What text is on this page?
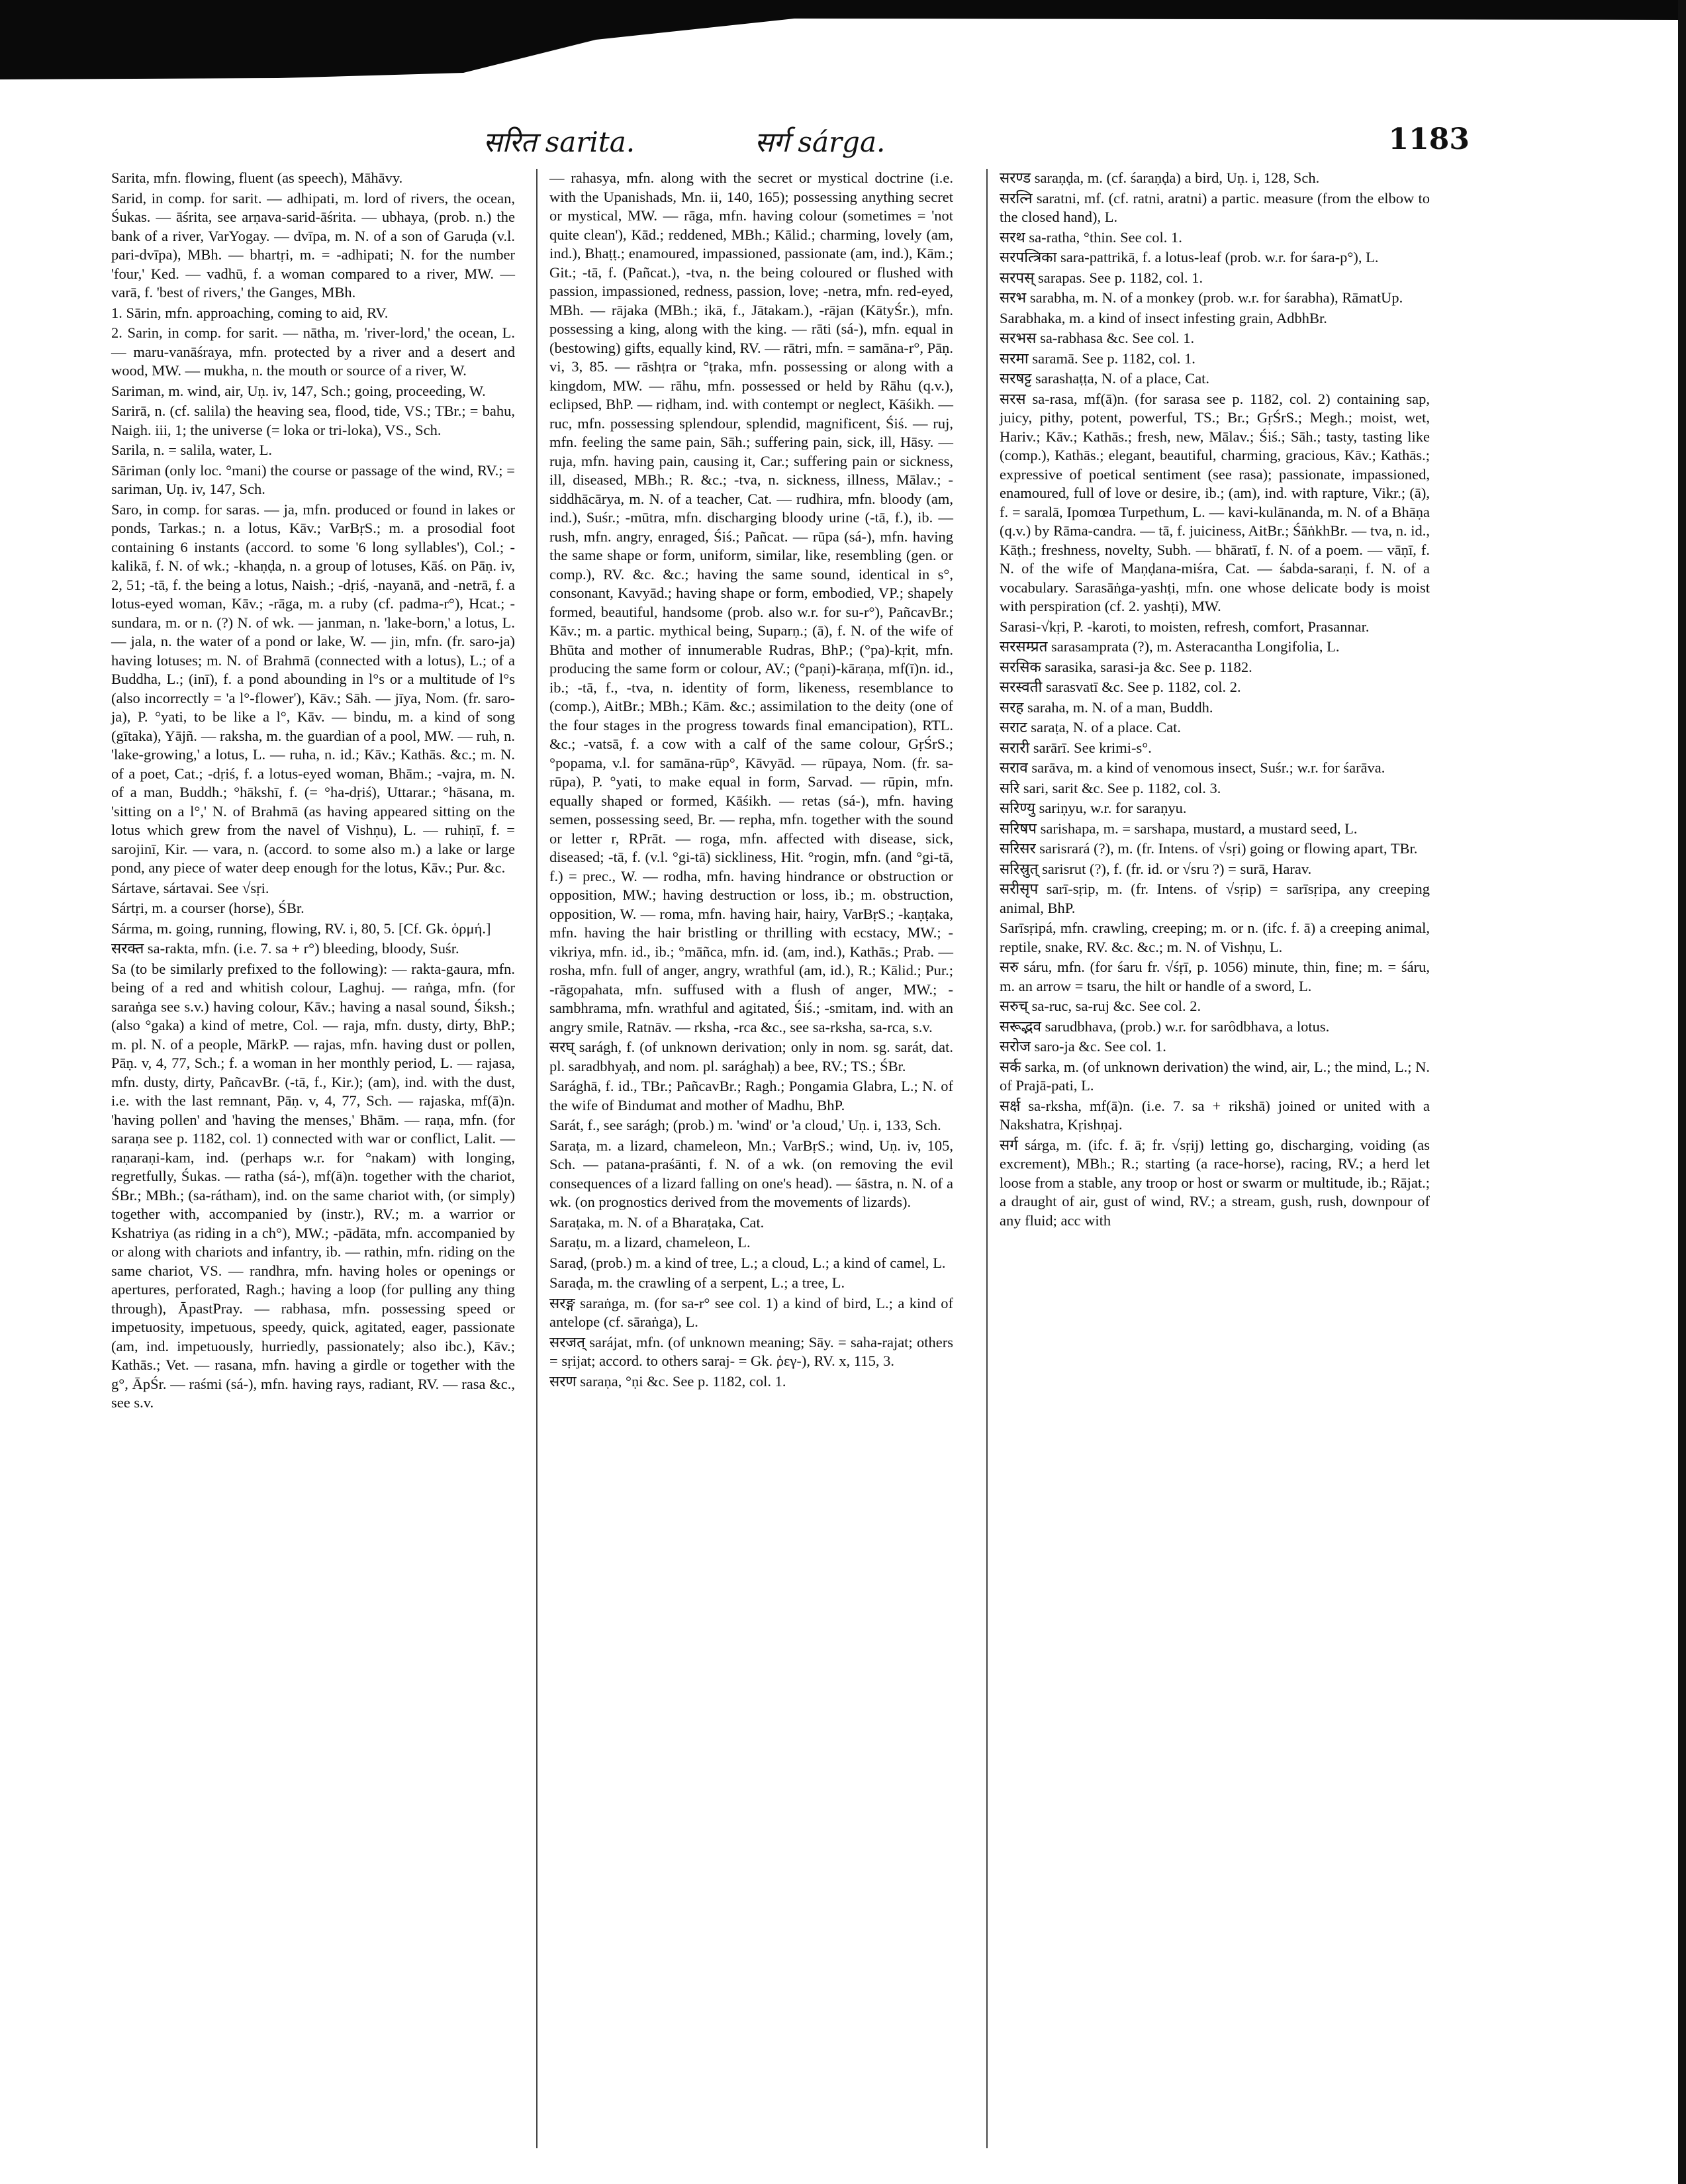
सरित sarita.	सर्ग sárga.	1183

Sarita, mfn. flowing, fluent (as speech), Māhāvy.

Sarid, in comp. for sarit. — adhipati, m. lord of rivers, the ocean, Śukas. — āśrita, see arṇava-sarid-āśrita. — ubhaya, (prob. n.) the bank of a river, VarYogay. — dvīpa, m. N. of a son of Garuḍa (v.l. pari-dvīpa), MBh. — bhartṛi, m. = -adhipati; N. for the number 'four,' Ked. — vadhū, f. a woman compared to a river, MW. — varā, f. 'best of rivers,' the Ganges, MBh.

1. Sārin, mfn. approaching, coming to aid, RV.

2. Sarin, in comp. for sarit. — nātha, m. 'river-lord,' the ocean, L. — maru-vanāśraya, mfn. protected by a river and a desert and wood, MW. — mukha, n. the mouth or source of a river, W.

Sariman, m. wind, air, Uṇ. iv, 147, Sch.; going, proceeding, W.

Sarirā, n. (cf. salila) the heaving sea, flood, tide, VS.; TBr.; = bahu, Naigh. iii, 1; the universe (= loka or tri-loka), VS., Sch.

Sarila, n. = salila, water, L.

Sāriman (only loc. °mani) the course or passage of the wind, RV.; = sariman, Uṇ. iv, 147, Sch.

Saro, in comp. for saras. — ja, mfn. produced or found in lakes or ponds, Tarkas.; n. a lotus, Kāv.; VarBṛS.; m. a prosodial foot containing 6 instants (accord. to some '6 long syllables'), Col.; -kalikā, f. N. of wk.; -khaṇḍa, n. a group of lotuses, Kāś. on Pāṇ. iv, 2, 51; -tā, f. the being a lotus, Naish.; -dṛiś, -nayanā, and -netrā, f. a lotus-eyed woman, Kāv.; -rāga, m. a ruby (cf. padma-r°), Hcat.; -sundara, m. or n. (?) N. of wk. — janman, n. 'lake-born,' a lotus, L. — jala, n. the water of a pond or lake, W. — jin, mfn. (fr. saro-ja) having lotuses; m. N. of Brahmā (connected with a lotus), L.; of a Buddha, L.; (inī), f. a pond abounding in l°s or a multitude of l°s (also incorrectly = 'a l°-flower'), Kāv.; Sāh. — jīya, Nom. (fr. saro-ja), P. °yati, to be like a l°, Kāv. — bindu, m. a kind of song (gītaka), Yājñ. — raksha, m. the guardian of a pool, MW. — ruh, n. 'lake-growing,' a lotus, L. — ruha, n. id.; Kāv.; Kathās. &c.; m. N. of a poet, Cat.; -dṛiś, f. a lotus-eyed woman, Bhām.; -vajra, m. N. of a man, Buddh.; °hākshī, f. (= °ha-dṛiś), Uttarar.; °hāsana, m. 'sitting on a l°,' N. of Brahmā (as having appeared sitting on the lotus which grew from the navel of Vishṇu), L. — ruhiṇī, f. = sarojinī, Kir. — vara, n. (accord. to some also m.) a lake or large pond, any piece of water deep enough for the lotus, Kāv.; Pur. &c.

Sártave, sártavai. See √sṛi.

Sártṛi, m. a courser (horse), ŚBr.

Sárma, m. going, running, flowing, RV. i, 80, 5. [Cf. Gk. ὁρμή.]

सरक्त sa-rakta, mfn. (i.e. 7. sa + r°) bleeding, bloody, Suśr.

Sa (to be similarly prefixed to the following): — rakta-gaura, mfn. being of a red and whitish colour, Laghuj. — raṅga, mfn. (for saraṅga see s.v.) having colour, Kāv.; having a nasal sound, Śiksh.; (also °gaka) a kind of metre, Col. — raja, mfn. dusty, dirty, BhP.; m. pl. N. of a people, MārkP. — rajas, mfn. having dust or pollen, Pāṇ. v, 4, 77, Sch.; f. a woman in her monthly period, L. — rajasa, mfn. dusty, dirty, PañcavBr. (-tā, f., Kir.); (am), ind. with the dust, i.e. with the last remnant, Pāṇ. v, 4, 77, Sch. — rajaska, mf(ā)n. 'having pollen' and 'having the menses,' Bhām. — raṇa, mfn. (for saraṇa see p. 1182, col. 1) connected with war or conflict, Lalit. — raṇaraṇi-kam, ind. (perhaps w.r. for °nakam) with longing, regretfully, Śukas. — ratha (sá-), mf(ā)n. together with the chariot, ŚBr.; MBh.; (sa-rátham), ind. on the same chariot with, (or simply) together with, accompanied by (instr.), RV.; m. a warrior or Kshatriya (as riding in a ch°), MW.; -pādāta, mfn. accompanied by or along with chariots and infantry, ib. — rathin, mfn. riding on the same chariot, VS. — randhra, mfn. having holes or openings or apertures, perforated, Ragh.; having a loop (for pulling any thing through), ĀpastPray. — rabhasa, mfn. possessing speed or impetuosity, impetuous, speedy, quick, agitated, eager, passionate (am, ind. impetuously, hurriedly, passionately; also ibc.), Kāv.; Kathās.; Vet. — rasana, mfn. having a girdle or together with the g°, ĀpŚr. — raśmi (sá-), mfn. having rays, radiant, RV. — rasa &c., see s.v.

— rahasya, mfn. along with the secret or mystical doctrine (i.e. with the Upanishads, Mn. ii, 140, 165); possessing anything secret or mystical, MW. — rāga, mfn. having colour (sometimes = 'not quite clean'), Kād.; reddened, MBh.; Kālid.; charming, lovely (am, ind.), Bhaṭṭ.; enamoured, impassioned, passionate (am, ind.), Kām.; Git.; -tā, f. (Pañcat.), -tva, n. the being coloured or flushed with passion, impassioned, redness, passion, love; -netra, mfn. red-eyed, MBh. — rājaka (MBh.; ikā, f., Jātakam.), -rājan (KātyŚr.), mfn. possessing a king, along with the king. — rāti (sá-), mfn. equal in (bestowing) gifts, equally kind, RV. — rātri, mfn. = samāna-r°, Pāṇ. vi, 3, 85. — rāshṭra or °ṭraka, mfn. possessing or along with a kingdom, MW. — rāhu, mfn. possessed or held by Rāhu (q.v.), eclipsed, BhP. — riḍham, ind. with contempt or neglect, Kāśikh. — ruc, mfn. possessing splendour, splendid, magnificent, Śiś. — ruj, mfn. feeling the same pain, Sāh.; suffering pain, sick, ill, Hāsy. — ruja, mfn. having pain, causing it, Car.; suffering pain or sickness, ill, diseased, MBh.; R. &c.; -tva, n. sickness, illness, Mālav.; -siddhācārya, m. N. of a teacher, Cat. — rudhira, mfn. bloody (am, ind.), Suśr.; -mūtra, mfn. discharging bloody urine (-tā, f.), ib. — rush, mfn. angry, enraged, Śiś.; Pañcat. — rūpa (sá-), mfn. having the same shape or form, uniform, similar, like, resembling (gen. or comp.), RV. &c. &c.; having the same sound, identical in s°, consonant, Kavyād.; having shape or form, embodied, VP.; shapely formed, beautiful, handsome (prob. also w.r. for su-r°), PañcavBr.; Kāv.; m. a partic. mythical being, Suparṇ.; (ā), f. N. of the wife of Bhūta and mother of innumerable Rudras, BhP.; (°pa)-kṛit, mfn. producing the same form or colour, AV.; (°paṇi)-kāraṇa, mf(ī)n. id., ib.; -tā, f., -tva, n. identity of form, likeness, resemblance to (comp.), AitBr.; MBh.; Kām. &c.; assimilation to the deity (one of the four stages in the progress towards final emancipation), RTL. &c.; -vatsā, f. a cow with a calf of the same colour, GṛŚrS.; °popama, v.l. for samāna-rūp°, Kāvyād. — rūpaya, Nom. (fr. sa-rūpa), P. °yati, to make equal in form, Sarvad. — rūpin, mfn. equally shaped or formed, Kāśikh. — retas (sá-), mfn. having semen, possessing seed, Br. — repha, mfn. together with the sound or letter r, RPrāt. — roga, mfn. affected with disease, sick, diseased; -tā, f. (v.l. °gi-tā) sickliness, Hit. °rogin, mfn. (and °gi-tā, f.) = prec., W. — rodha, mfn. having hindrance or obstruction or opposition, MW.; having destruction or loss, ib.; m. obstruction, opposition, W. — roma, mfn. having hair, hairy, VarBṛS.; -kaṇṭaka, mfn. having the hair bristling or thrilling with ecstacy, MW.; -vikriya, mfn. id., ib.; °māñca, mfn. id. (am, ind.), Kathās.; Prab. — rosha, mfn. full of anger, angry, wrathful (am, id.), R.; Kālid.; Pur.; -rāgopahata, mfn. suffused with a flush of anger, MW.; -sambhrama, mfn. wrathful and agitated, Śiś.; -smitam, ind. with an angry smile, Ratnāv. — rksha, -rca &c., see sa-rksha, sa-rca, s.v.

सरघ् sarágh, f. (of unknown derivation; only in nom. sg. sarát, dat. pl. saradbhyaḥ, and nom. pl. sarághaḥ) a bee, RV.; TS.; ŚBr.

Sarághā, f. id., TBr.; PañcavBr.; Ragh.; Pongamia Glabra, L.; N. of the wife of Bindumat and mother of Madhu, BhP.

Sarát, f., see sarágh; (prob.) m. 'wind' or 'a cloud,' Uṇ. i, 133, Sch.

Saraṭa, m. a lizard, chameleon, Mn.; VarBṛS.; wind, Uṇ. iv, 105, Sch. — patana-praśānti, f. N. of a wk. (on removing the evil consequences of a lizard falling on one's head). — śāstra, n. N. of a wk. (on prognostics derived from the movements of lizards).

Saraṭaka, m. N. of a Bharaṭaka, Cat.

Saraṭu, m. a lizard, chameleon, L.

Saraḍ, (prob.) m. a kind of tree, L.; a cloud, L.; a kind of camel, L.

Saraḍa, m. the crawling of a serpent, L.; a tree, L.

सरङ्ग saraṅga, m. (for sa-r° see col. 1) a kind of bird, L.; a kind of antelope (cf. sāraṅga), L.

सरजत् sarájat, mfn. (of unknown meaning; Sāy. = saha-rajat; others = sṛijat; accord. to others saraj- = Gk. ῥεγ-), RV. x, 115, 3.

सरण saraṇa, °ṇi &c. See p. 1182, col. 1.

सरण्ड saraṇḍa, m. (cf. śaraṇḍa) a bird, Uṇ. i, 128, Sch.

सरत्नि saratni, mf. (cf. ratni, aratni) a partic. measure (from the elbow to the closed hand), L.

सरथ sa-ratha, °thin. See col. 1.

सरपत्त्रिका sara-pattrikā, f. a lotus-leaf (prob. w.r. for śara-p°), L.

सरपस् sarapas. See p. 1182, col. 1.

सरभ sarabha, m. N. of a monkey (prob. w.r. for śarabha), RāmatUp.

Sarabhaka, m. a kind of insect infesting grain, AdbhBr.

सरभस sa-rabhasa &c. See col. 1.

सरमा saramā. See p. 1182, col. 1.

सरषट्ट sarashaṭṭa, N. of a place, Cat.

सरस sa-rasa, mf(ā)n. (for sarasa see p. 1182, col. 2) containing sap, juicy, pithy, potent, powerful, TS.; Br.; GṛŚrS.; Megh.; moist, wet, Hariv.; Kāv.; Kathās.; fresh, new, Mālav.; Śiś.; Sāh.; tasty, tasting like (comp.), Kathās.; elegant, beautiful, charming, gracious, Kāv.; Kathās.; expressive of poetical sentiment (see rasa); passionate, impassioned, enamoured, full of love or desire, ib.; (am), ind. with rapture, Vikr.; (ā), f. = saralā, Ipomœa Turpethum, L. — kavi-kulānanda, m. N. of a Bhāṇa (q.v.) by Rāma-candra. — tā, f. juiciness, AitBr.; ŚāṅkhBr. — tva, n. id., Kāṭh.; freshness, novelty, Subh. — bhāratī, f. N. of a poem. — vāṇī, f. N. of the wife of Maṇḍana-miśra, Cat. — śabda-saraṇi, f. N. of a vocabulary. Sarasāṅga-yashṭi, mfn. one whose delicate body is moist with perspiration (cf. 2. yashṭi), MW.

Sarasi-√kṛi, P. -karoti, to moisten, refresh, comfort, Prasannar.

सरसम्प्रत sarasamprata (?), m. Asteracantha Longifolia, L.

सरसिक sarasika, sarasi-ja &c. See p. 1182.

सरस्वती sarasvatī &c. See p. 1182, col. 2.

सरह saraha, m. N. of a man, Buddh.

सराट saraṭa, N. of a place. Cat.

सरारी sarārī. See krimi-s°.

सराव sarāva, m. a kind of venomous insect, Suśr.; w.r. for śarāva.

सरि sari, sarit &c. See p. 1182, col. 3.

सरिण्यु sariṇyu, w.r. for saraṇyu.

सरिषप sarishapa, m. = sarshapa, mustard, a mustard seed, L.

सरिसर sarisrará (?), m. (fr. Intens. of √sṛi) going or flowing apart, TBr.

सरिस्रुत् sarisrut (?), f. (fr. id. or √sru ?) = surā, Harav.

सरीसृप sarī-sṛip, m. (fr. Intens. of √sṛip) = sarīsṛipa, any creeping animal, BhP.

Sarīsṛipá, mfn. crawling, creeping; m. or n. (ifc. f. ā) a creeping animal, reptile, snake, RV. &c. &c.; m. N. of Vishṇu, L.

सरु sáru, mfn. (for śaru fr. √śṛī, p. 1056) minute, thin, fine; m. = śáru, m. an arrow = tsaru, the hilt or handle of a sword, L.

सरुच् sa-ruc, sa-ruj &c. See col. 2.

सरूद्भव sarudbhava, (prob.) w.r. for sarôdbhava, a lotus.

सरोज saro-ja &c. See col. 1.

सर्क sarka, m. (of unknown derivation) the wind, air, L.; the mind, L.; N. of Prajā-pati, L.

सर्क्ष sa-rksha, mf(ā)n. (i.e. 7. sa + rikshā) joined or united with a Nakshatra, Kṛishṇaj.

सर्ग sárga, m. (ifc. f. ā; fr. √sṛij) letting go, discharging, voiding (as excrement), MBh.; R.; starting (a race-horse), racing, RV.; a herd let loose from a stable, any troop or host or swarm or multitude, ib.; Rājat.; a draught of air, gust of wind, RV.; a stream, gush, rush, downpour of any fluid; acc with
